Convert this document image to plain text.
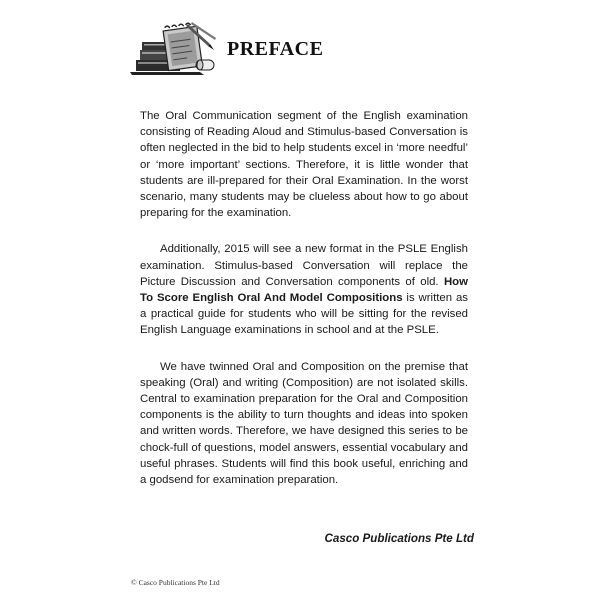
PREFACE

The Oral Communication segment of the English examination consisting of Reading Aloud and Stimulus-based Conversation is often neglected in the bid to help students excel in ‘more needful’ or ‘more important’ sections. Therefore, it is little wonder that students are ill-prepared for their Oral Examination. In the worst scenario, many students may be clueless about how to go about preparing for the examination.

Additionally, 2015 will see a new format in the PSLE English examination. Stimulus-based Conversation will replace the Picture Discussion and Conversation components of old. How To Score English Oral And Model Compositions is written as a practical guide for students who will be sitting for the revised English Language examinations in school and at the PSLE.

We have twinned Oral and Composition on the premise that speaking (Oral) and writing (Composition) are not isolated skills. Central to examination preparation for the Oral and Composition components is the ability to turn thoughts and ideas into spoken and written words. Therefore, we have designed this series to be chock-full of questions, model answers, essential vocabulary and useful phrases. Students will find this book useful, enriching and a godsend for examination preparation.

Casco Publications Pte Ltd

© Casco Publications Pte Ltd
